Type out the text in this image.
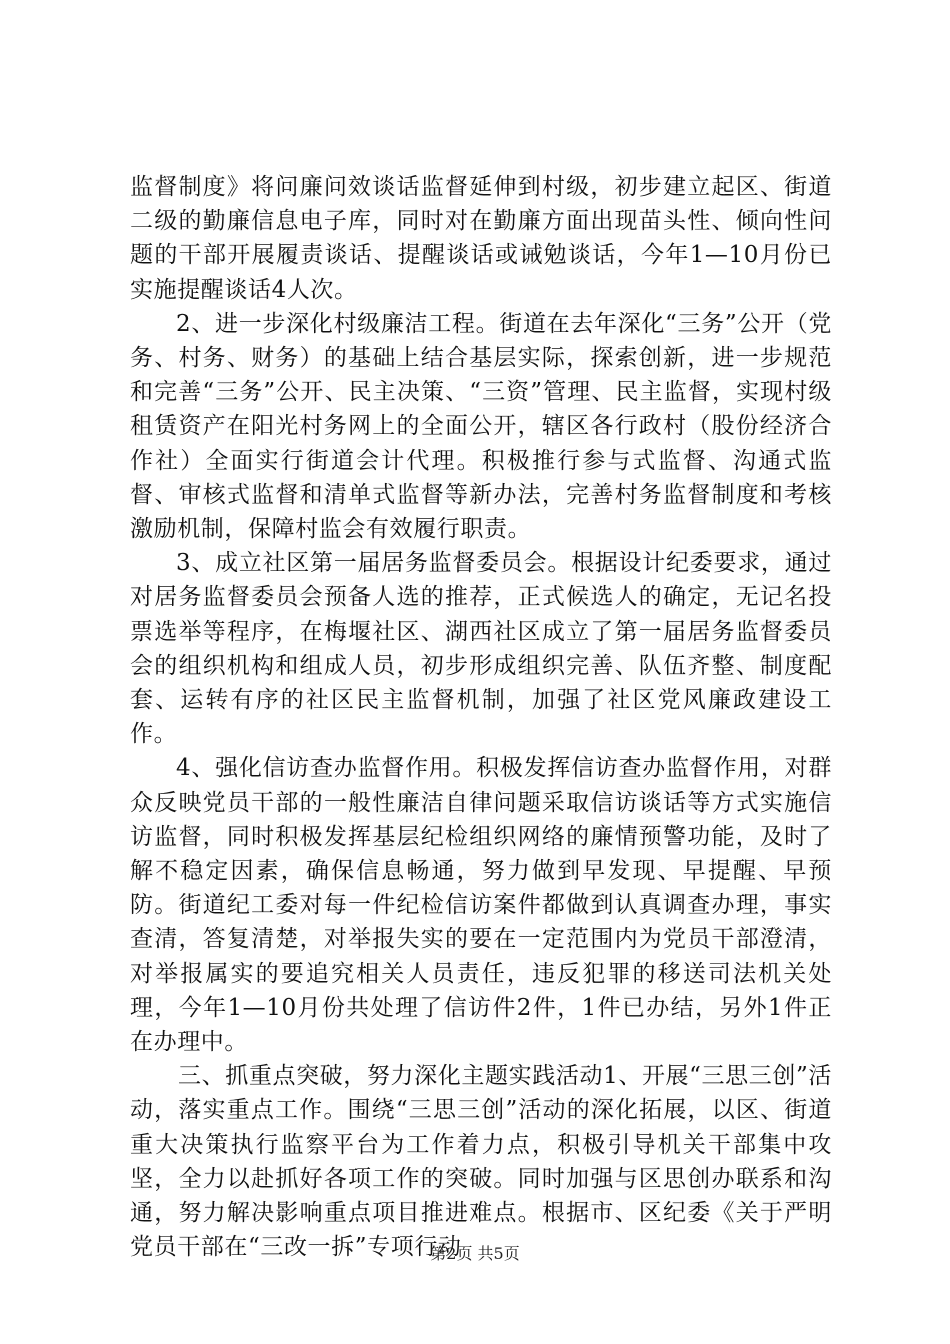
监督制度》将问廉问效谈话监督延伸到村级，初步建立起区、街道二级的勤廉信息电子库，同时对在勤廉方面出现苗头性、倾向性问题的干部开展履责谈话、提醒谈话或诫勉谈话，今年1—10月份已实施提醒谈话4人次。

2、进一步深化村级廉洁工程。街道在去年深化“三务”公开（党务、村务、财务）的基础上结合基层实际，探索创新，进一步规范和完善“三务”公开、民主决策、“三资”管理、民主监督，实现村级租赁资产在阳光村务网上的全面公开，辖区各行政村（股份经济合作社）全面实行街道会计代理。积极推行参与式监督、沟通式监督、审核式监督和清单式监督等新办法，完善村务监督制度和考核激励机制，保障村监会有效履行职责。

3、成立社区第一届居务监督委员会。根据设计纪委要求，通过对居务监督委员会预备人选的推荐，正式候选人的确定，无记名投票选举等程序，在梅堰社区、湖西社区成立了第一届居务监督委员会的组织机构和组成人员，初步形成组织完善、队伍齐整、制度配套、运转有序的社区民主监督机制，加强了社区党风廉政建设工作。

4、强化信访查办监督作用。积极发挥信访查办监督作用，对群众反映党员干部的一般性廉洁自律问题采取信访谈话等方式实施信访监督，同时积极发挥基层纪检组织网络的廉情预警功能，及时了解不稳定因素，确保信息畅通，努力做到早发现、早提醒、早预防。街道纪工委对每一件纪检信访案件都做到认真调查办理，事实查清，答复清楚，对举报失实的要在一定范围内为党员干部澄清，对举报属实的要追究相关人员责任，违反犯罪的移送司法机关处理，今年1—10月份共处理了信访件2件，1件已办结，另外1件正在办理中。

三、抓重点突破，努力深化主题实践活动1、开展“三思三创”活动，落实重点工作。围绕“三思三创”活动的深化拓展，以区、街道重大决策执行监察平台为工作着力点，积极引导机关干部集中攻坚，全力以赴抓好各项工作的突破。同时加强与区思创办联系和沟通，努力解决影响重点项目推进难点。根据市、区纪委《关于严明党员干部在“三改一拆”专项行动

第2页 共5页
